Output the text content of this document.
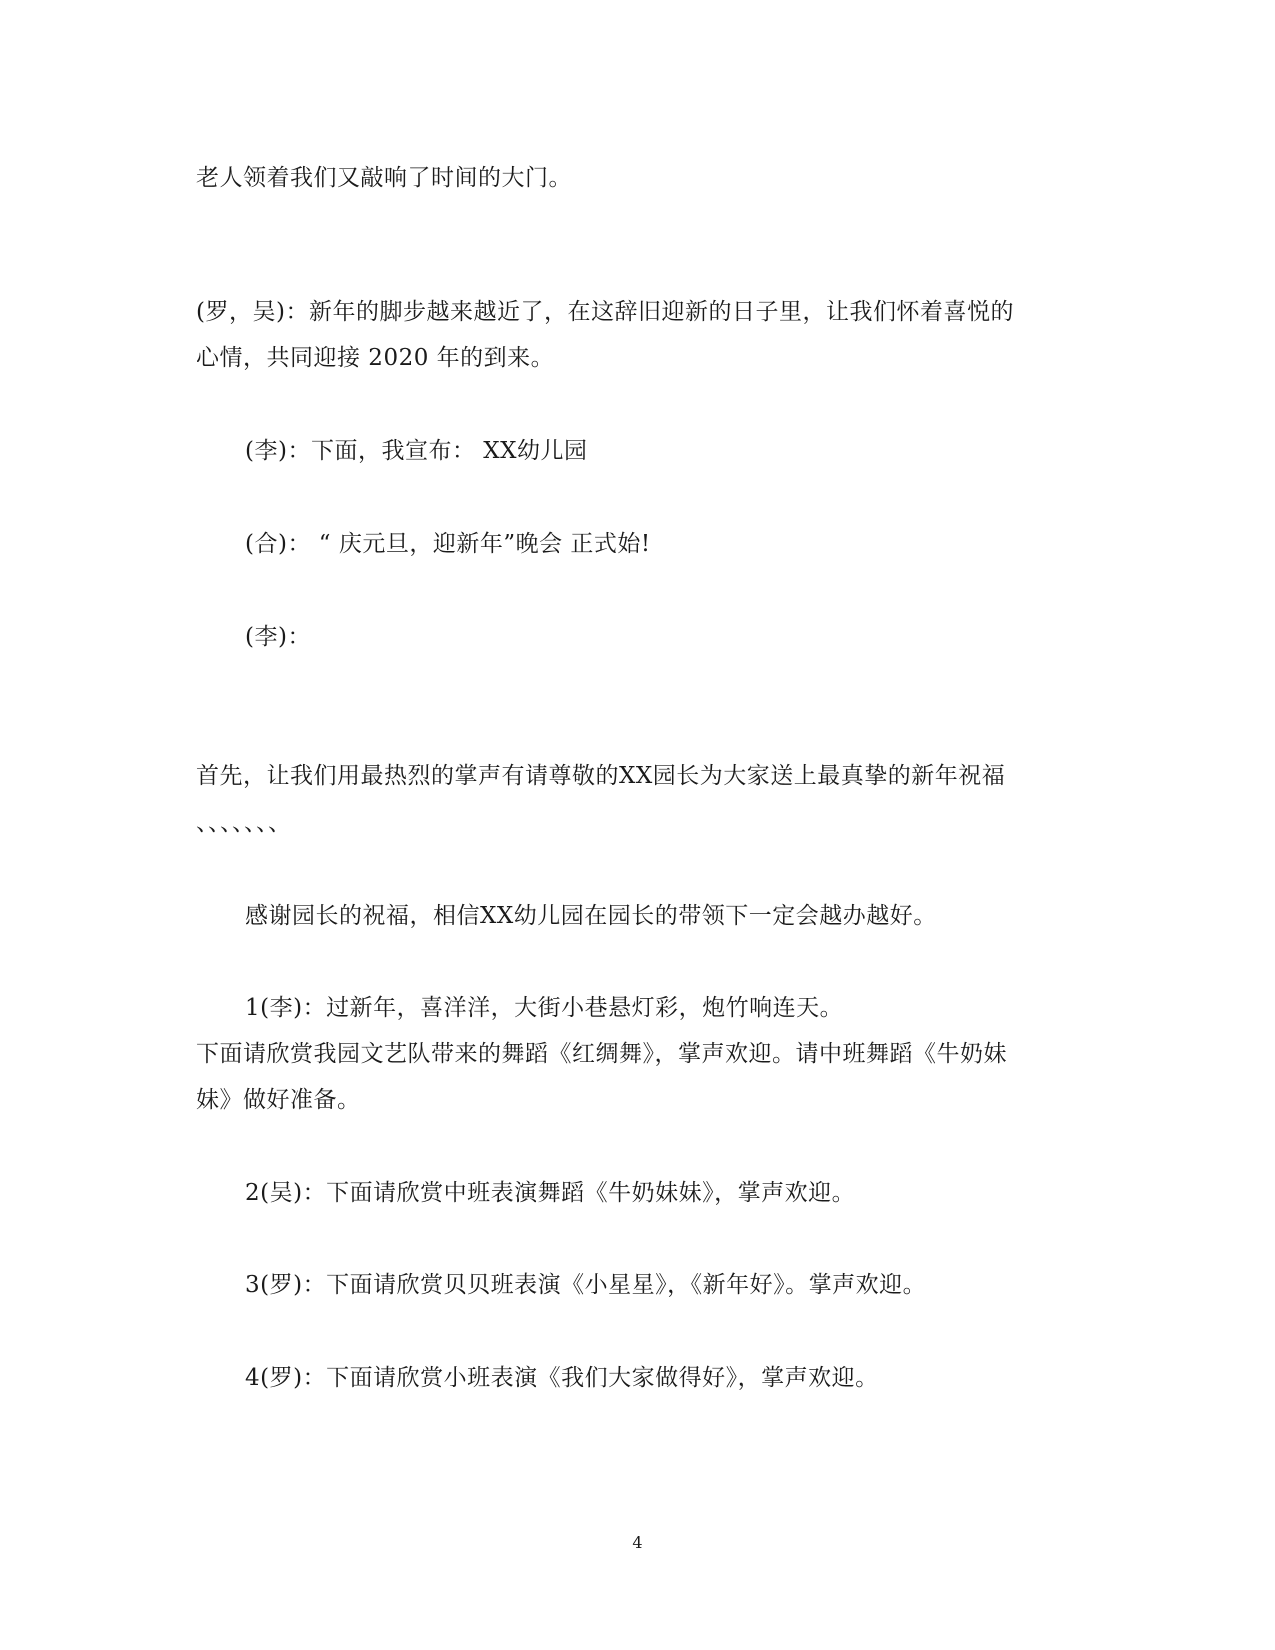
老人领着我们又敲响了时间的大门。
(罗，吴)：新年的脚步越来越近了，在这辞旧迎新的日子里，让我们怀着喜悦的
心情，共同迎接 2020 年的到来。
(李)：下面，我宣布： XX幼儿园
(合)： “ 庆元旦，迎新年”晚会 正式始!
(李)：
首先，让我们用最热烈的掌声有请尊敬的XX园长为大家送上最真挚的新年祝福
、、、、、、、
感谢园长的祝福，相信XX幼儿园在园长的带领下一定会越办越好。
1(李)：过新年，喜洋洋，大街小巷悬灯彩，炮竹响连天。
下面请欣赏我园文艺队带来的舞蹈《红绸舞》，掌声欢迎。请中班舞蹈《牛奶妹
妹》做好准备。
2(吴)：下面请欣赏中班表演舞蹈《牛奶妹妹》，掌声欢迎。
3(罗)：下面请欣赏贝贝班表演《小星星》，《新年好》。掌声欢迎。
4(罗)：下面请欣赏小班表演《我们大家做得好》，掌声欢迎。
4
